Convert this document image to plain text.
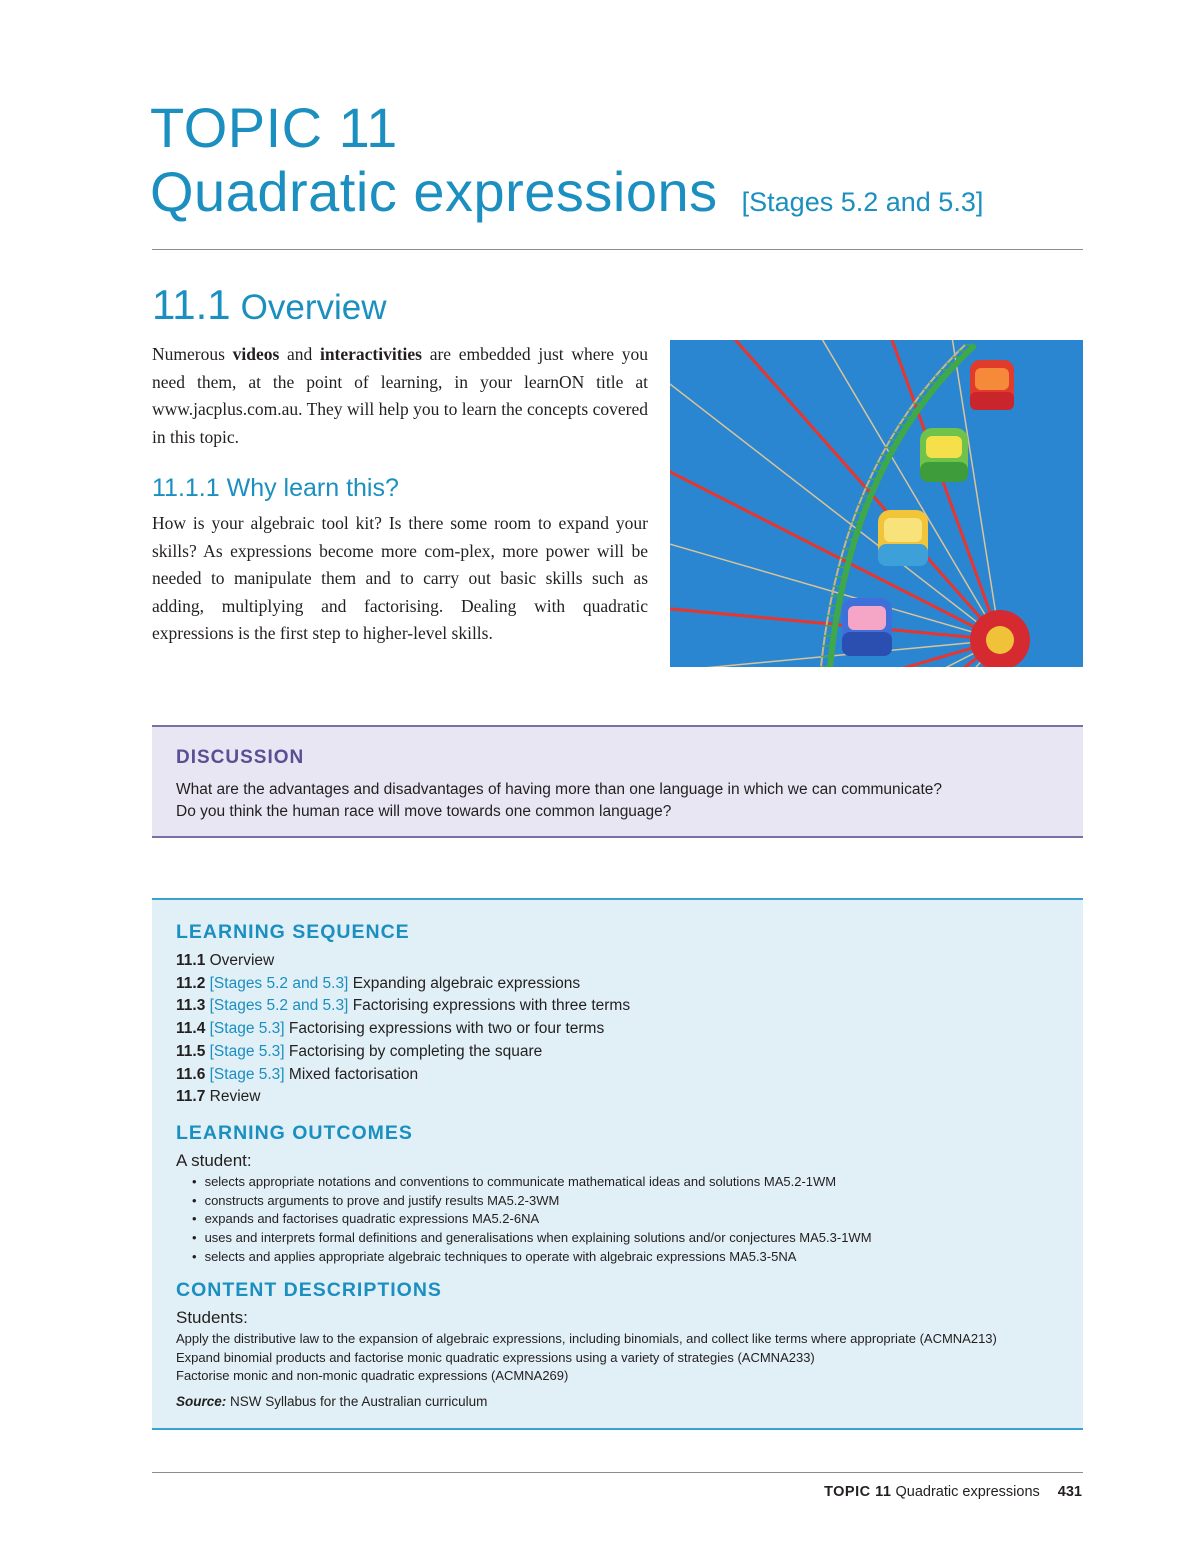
TOPIC 11
Quadratic expressions [Stages 5.2 and 5.3]
11.1 Overview

Numerous videos and interactivities are embedded just where you need them, at the point of learning, in your learnON title at www.jacplus.com.au. They will help you to learn the concepts covered in this topic.

11.1.1 Why learn this?

How is your algebraic tool kit? Is there some room to expand your skills? As expressions become more com-plex, more power will be needed to manipulate them and to carry out basic skills such as adding, multiplying and factorising. Dealing with quadratic expressions is the first step to higher-level skills.

DISCUSSION

What are the advantages and disadvantages of having more than one language in which we can communicate?
Do you think the human race will move towards one common language?

LEARNING SEQUENCE
11.1 Overview
11.2 [Stages 5.2 and 5.3] Expanding algebraic expressions
11.3 [Stages 5.2 and 5.3] Factorising expressions with three terms
11.4 [Stage 5.3] Factorising expressions with two or four terms
11.5 [Stage 5.3] Factorising by completing the square
11.6 [Stage 5.3] Mixed factorisation
11.7 Review
LEARNING OUTCOMES

A student:

• selects appropriate notations and conventions to communicate mathematical ideas and solutions MA5.2-1WM
• constructs arguments to prove and justify results MA5.2-3WM
• expands and factorises quadratic expressions MA5.2-6NA
• uses and interprets formal definitions and generalisations when explaining solutions and/or conjectures MA5.3-1WM
• selects and applies appropriate algebraic techniques to operate with algebraic expressions MA5.3-5NA
CONTENT DESCRIPTIONS

Students:

Apply the distributive law to the expansion of algebraic expressions, including binomials, and collect like terms where appropriate (ACMNA213)

Expand binomial products and factorise monic quadratic expressions using a variety of strategies (ACMNA233)

Factorise monic and non-monic quadratic expressions (ACMNA269)

Source: NSW Syllabus for the Australian curriculum

TOPIC 11 Quadratic expressions 431
